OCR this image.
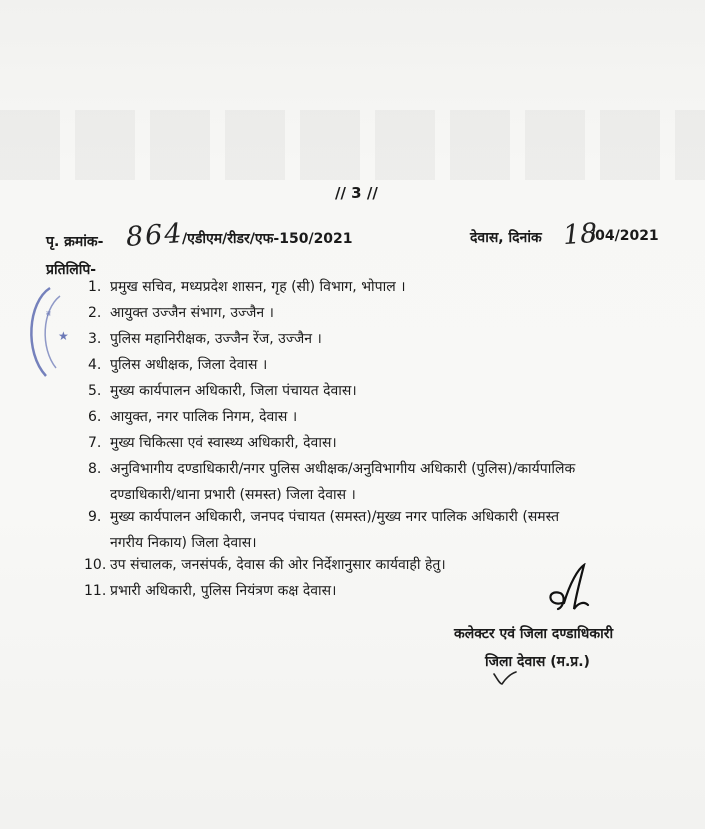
// 3 //
पृ. क्रमांक- 864
/एडीएम/रीडर/एफ-150/2021	देवास, दिनांक 18
/04/2021
प्रतिलिपि-
★
स्र
1. प्रमुख सचिव, मध्यप्रदेश शासन, गृह (सी) विभाग, भोपाल ।
2. आयुक्त उज्जैन संभाग, उज्जैन ।
3. पुलिस महानिरीक्षक, उज्जैन रेंज, उज्जैन ।
4. पुलिस अधीक्षक, जिला देवास ।
5. मुख्य कार्यपालन अधिकारी, जिला पंचायत देवास।
6. आयुक्त, नगर पालिक निगम, देवास ।
7. मुख्य चिकित्सा एवं स्वास्थ्य अधिकारी, देवास।
8. अनुविभागीय दण्डाधिकारी/नगर पुलिस अधीक्षक/अनुविभागीय अधिकारी (पुलिस)/कार्यपालिक
दण्डाधिकारी/थाना प्रभारी (समस्त) जिला देवास ।
9. मुख्य कार्यपालन अधिकारी, जनपद पंचायत (समस्त)/मुख्य नगर पालिक अधिकारी (समस्त
नगरीय निकाय) जिला देवास।
10. उप संचालक, जनसंपर्क, देवास की ओर निर्देशानुसार कार्यवाही हेतु।
11. प्रभारी अधिकारी, पुलिस नियंत्रण कक्ष देवास।
कलेक्टर एवं जिला दण्डाधिकारी
जिला देवास (म.प्र.)
